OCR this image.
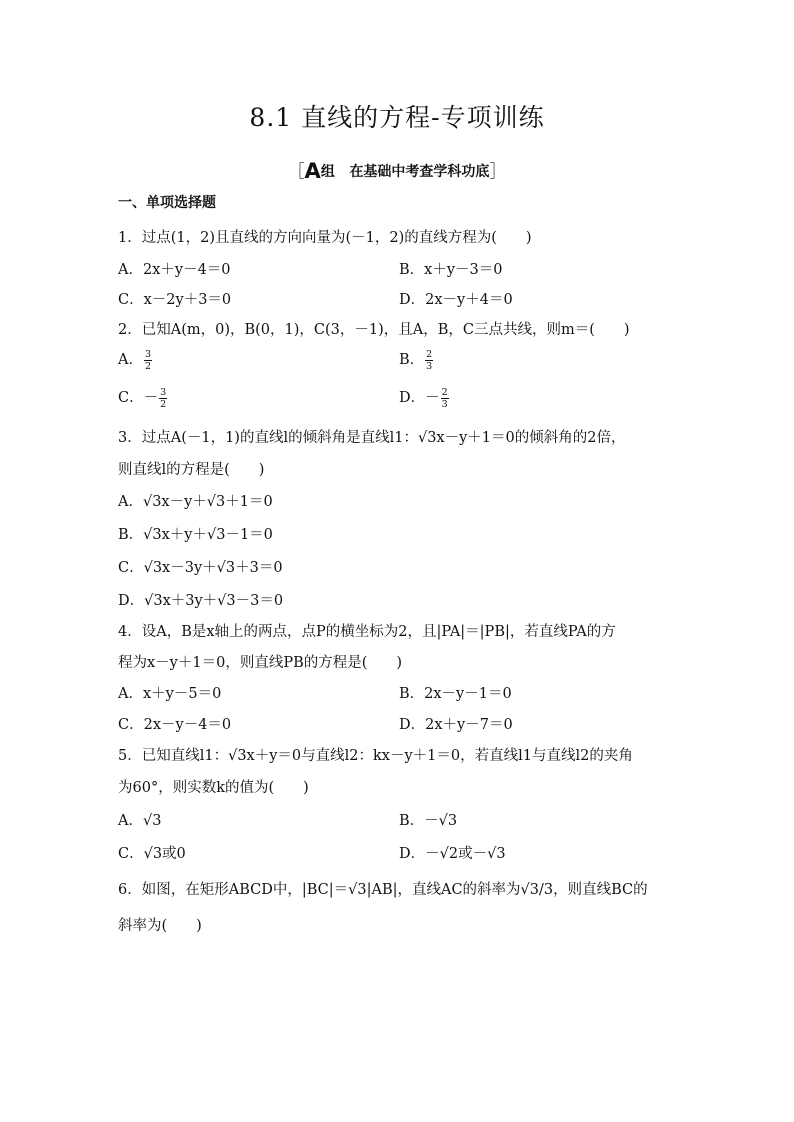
8.1 直线的方程-专项训练
［A组 在基础中考查学科功底］
一、单项选择题
1．过点(1，2)且直线的方向向量为(－1，2)的直线方程为(　　)
A．2x＋y－4＝0	B．x＋y－3＝0
C．x－2y＋3＝0	D．2x－y＋4＝0
2．已知A(m，0)，B(0，1)，C(3，－1)，且A，B，C三点共线，则m＝(　　)
A． $\frac{3}{2}$	B． $\frac{2}{3}$
C．－ $\frac{3}{2}$	D．－ $\frac{2}{3}$
3．过点A(－1，1)的直线l的倾斜角是直线l1：√3x－y＋1＝0的倾斜角的2倍，
则直线l的方程是(　　)
A．√3x－y＋√3＋1＝0
B．√3x＋y＋√3－1＝0
C．√3x－3y＋√3＋3＝0
D．√3x＋3y＋√3－3＝0
4．设A，B是x轴上的两点，点P的横坐标为2，且|PA|＝|PB|，若直线PA的方
程为x－y＋1＝0，则直线PB的方程是(　　)
A．x＋y－5＝0	B．2x－y－1＝0
C．2x－y－4＝0	D．2x＋y－7＝0
5．已知直线l1：√3x＋y＝0与直线l2：kx－y＋1＝0，若直线l1与直线l2的夹角
为60°，则实数k的值为(　　)
A．√3	B．－√3
C．√3或0	D．－√2或－√3
6．如图，在矩形ABCD中，|BC|＝√3|AB|，直线AC的斜率为√3/3，则直线BC的
斜率为(　　)
